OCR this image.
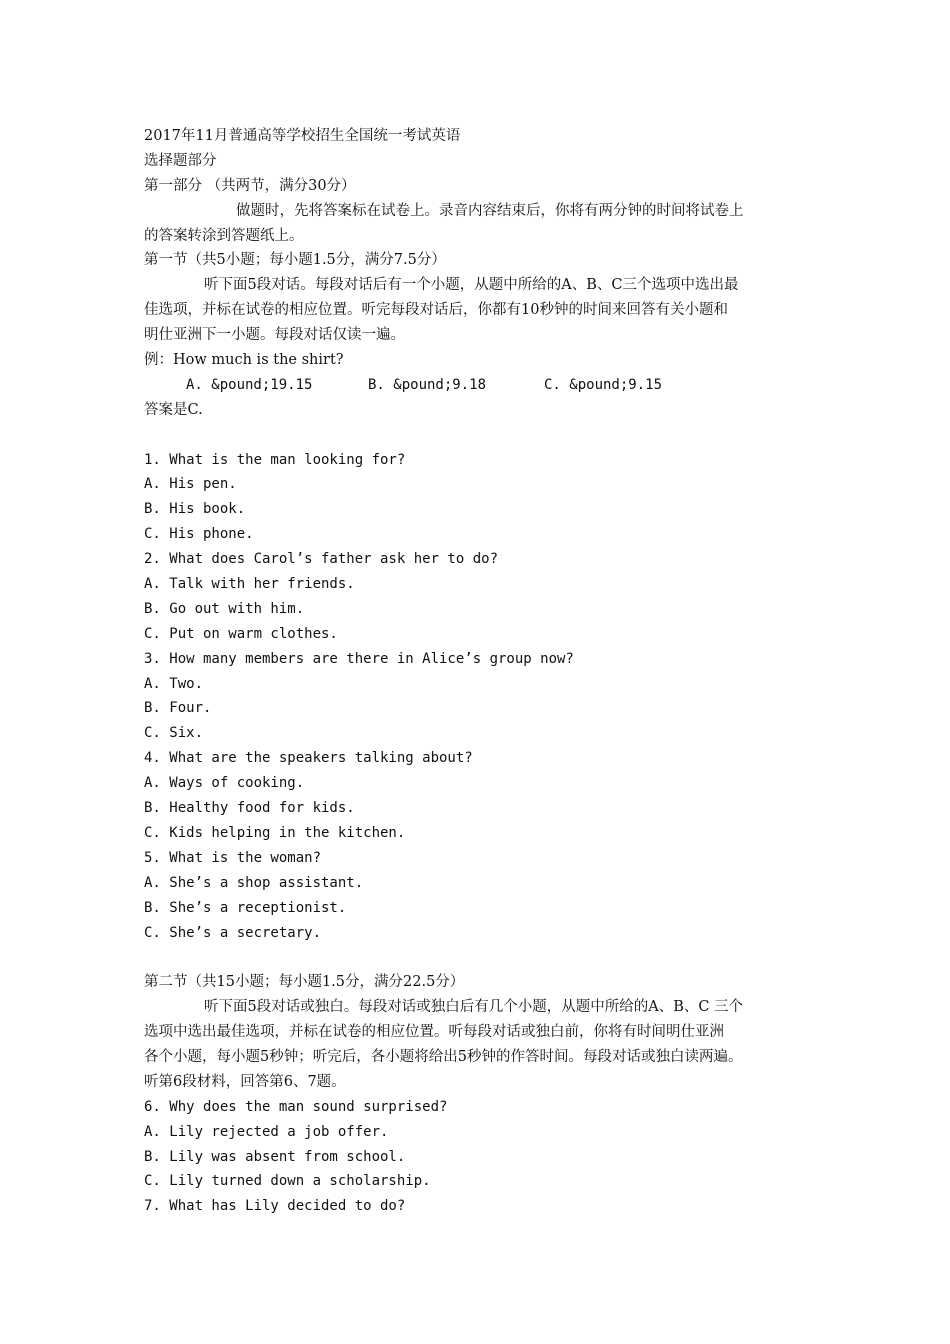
2017年11月普通高等学校招生全国统一考试英语

选择题部分

第一部分 （共两节，满分30分）

做题时，先将答案标在试卷上。录音内容结束后，你将有两分钟的时间将试卷上

的答案转涂到答题纸上。

第一节（共5小题；每小题1.5分，满分7.5分）

听下面5段对话。每段对话后有一个小题，从题中所给的A、B、C三个选项中选出最

佳选项，并标在试卷的相应位置。听完每段对话后，你都有10秒钟的时间来回答有关小题和

明仕亚洲下一小题。每段对话仅读一遍。

例：How much is the shirt?

A. &pound;19.15	B. &pound;9.18	C. &pound;9.15

答案是C.

1. What is the man looking for?

A. His pen.

B. His book.

C. His phone.

2. What does Carol’s father ask her to do?

A. Talk with her friends.

B. Go out with him.

C. Put on warm clothes.

3. How many members are there in Alice’s group now?

A. Two.

B. Four.

C. Six.

4. What are the speakers talking about?

A. Ways of cooking.

B. Healthy food for kids.

C. Kids helping in the kitchen.

5. What is the woman?

A. She’s a shop assistant.

B. She’s a receptionist.

C. She’s a secretary.

第二节（共15小题；每小题1.5分，满分22.5分）

听下面5段对话或独白。每段对话或独白后有几个小题，从题中所给的A、B、C 三个

选项中选出最佳选项，并标在试卷的相应位置。听每段对话或独白前，你将有时间明仕亚洲

各个小题，每小题5秒钟；听完后，各小题将给出5秒钟的作答时间。每段对话或独白读两遍。

听第6段材料，回答第6、7题。

6. Why does the man sound surprised?

A. Lily rejected a job offer.

B. Lily was absent from school.

C. Lily turned down a scholarship.

7. What has Lily decided to do?
